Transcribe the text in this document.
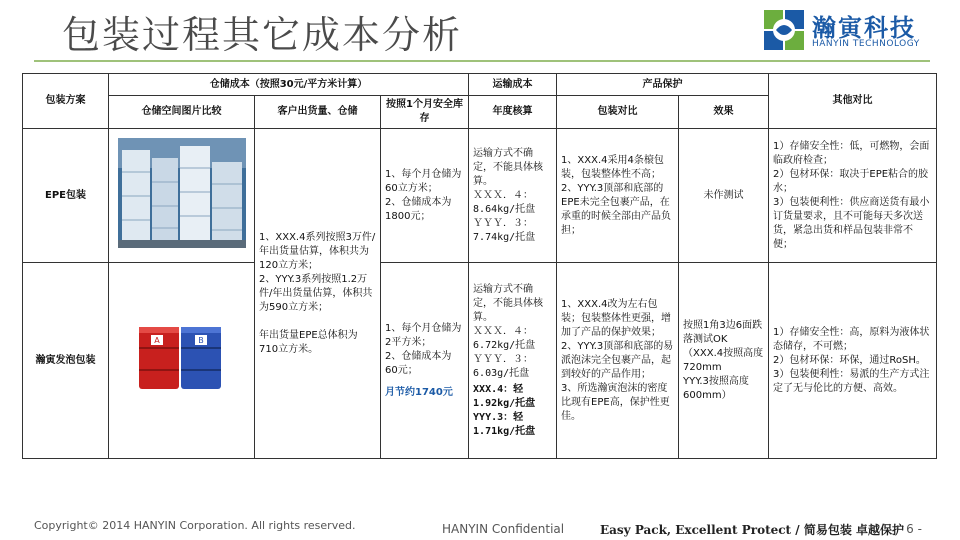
包装过程其它成本分析	瀚寅科技
HANYIN TECHNOLOGY
包装方案	仓储成本（按照30元/平方米计算）			运输成本	产品保护		其他对比
	仓储空间图片比较	客户出货量、仓储	按照1个月安全库存	年度核算	包装对比	效果	
EPE包装		1、XXX.4系列按照3万件/年出货量估算，体积共为120立方米；
2、YYY.3系列按照1.2万件/年出货量估算，体积共为590立方米；

年出货量EPE总体积为710立方米。	1、每个月仓储为60立方米；
2、仓储成本为1800元；	运输方式不确定，不能具体核算。
ＸＸＸ．４：8.64kg/托盘
ＹＹＹ．３：7.74kg/托盘	1、XXX.4采用4条榱包装，包装整体性不高；
2、YYY.3顶部和底部的EPE未完全包裹产品，在承重的时候全部由产品负担；	未作测试	1）存储安全性：低，可燃物，会面临政府检查；
2）包材环保：取决于EPE粘合的胶水；
3）包装便利性：供应商送货有最小订货量要求，且不可能每天多次送货，紧急出货和样品包装非常不便；
瀚寅发泡包装	A B		1、每个月仓储为2平方米；
2、仓储成本为60元；
月节约1740元	运输方式不确定，不能具体核算。
ＸＸＸ．４：6.72kg/托盘
ＹＹＹ．３：6.03g/托盘
XXX.4：轻1.92kg/托盘
YYY.3：轻1.71kg/托盘	1、XXX.4改为左右包装；包装整体性更强，增加了产品的保护效果；
2、YYY.3顶部和底部的易派泡沫完全包裹产品，起到较好的产品作用；
3、所选瀚寅泡沫的密度比现有EPE高，保护性更佳。	按照1角3边6面跌落测试OK
（XXX.4按照高度720mm
YYY.3按照高度600mm）	1）存储安全性：高，原料为液体状态储存，不可燃；
2）包材环保：环保，通过RoSH。
3）包装便利性：易派的生产方式注定了无与伦比的方便、高效。
Copyright© 2014 HANYIN Corporation. All rights reserved.	HANYIN Confidential	Easy Pack, Excellent Protect / 简易包装 卓越保护
- 6 -
